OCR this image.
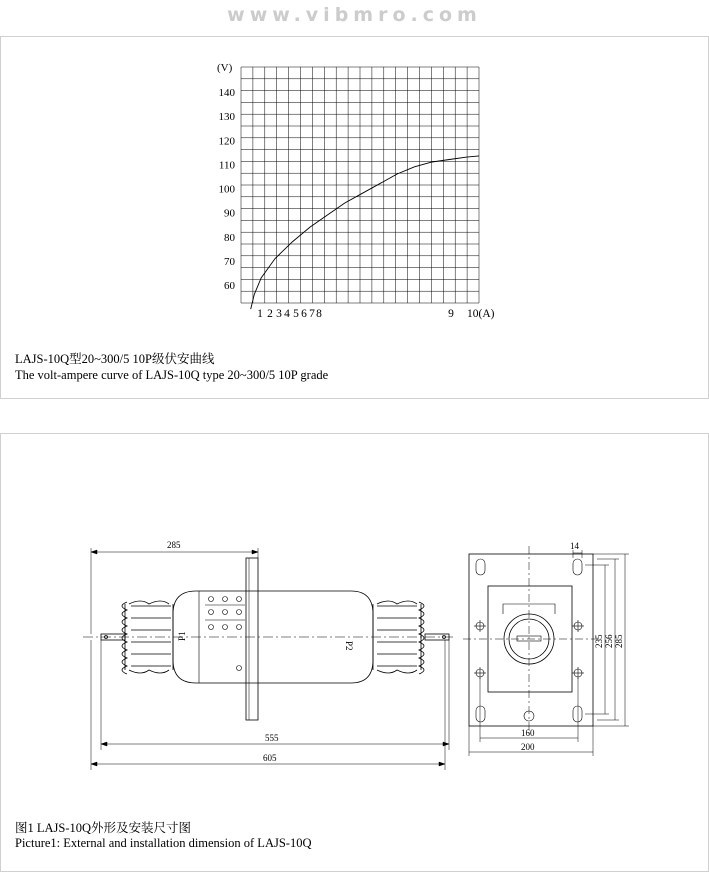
www.vibmro.com
140
130
120
110
100
90
80
70
60
1 2 3 4 5 6 7 8	9
(V)
10(A)
LAJS-10Q型20~300/5 10P级伏安曲线
The volt-ampere curve of LAJS-10Q type 20~300/5 10P grade
P1
P2
285
555
605
14
235 256 285
160
200
图1 LAJS-10Q外形及安装尺寸图
Picture1: External and installation dimension of LAJS-10Q
